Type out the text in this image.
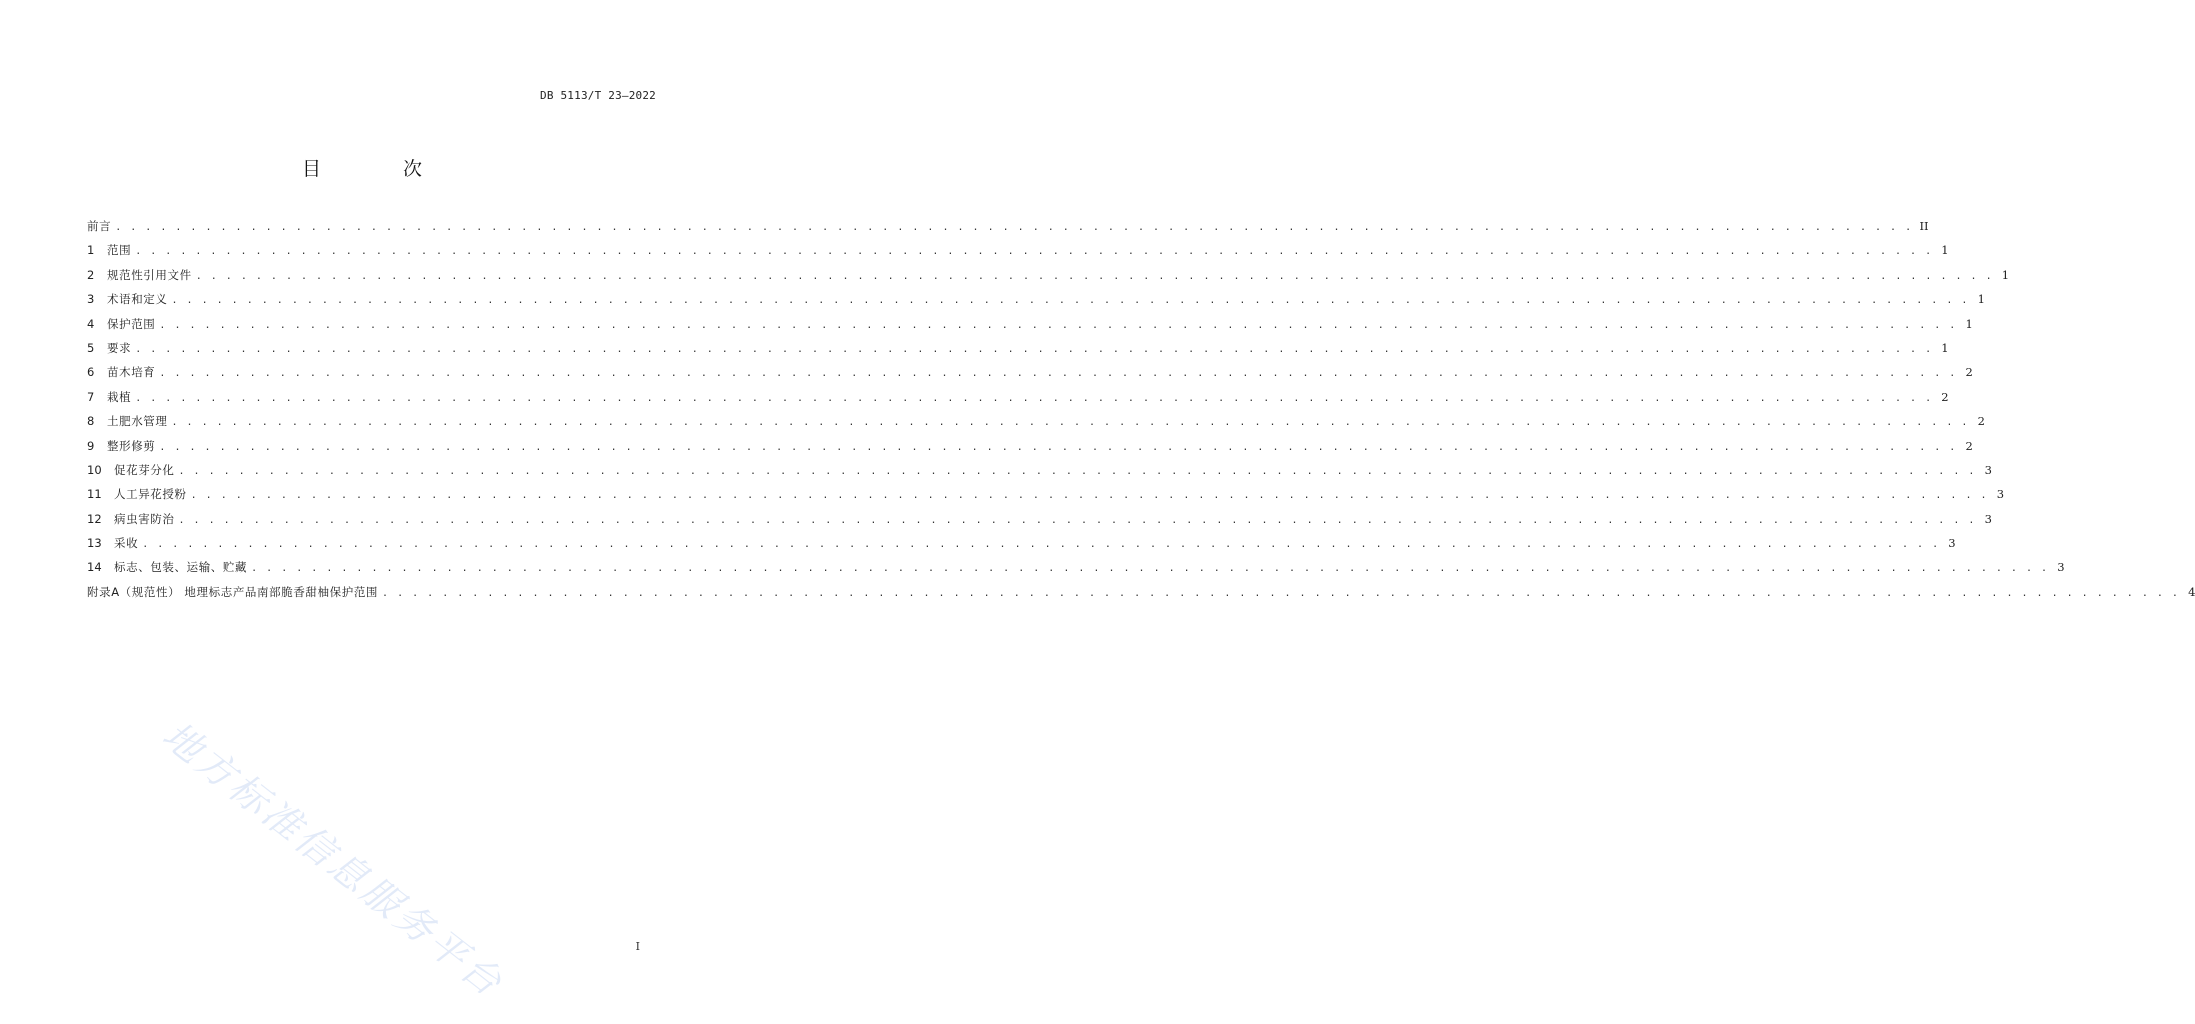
DB 5113/T 23—2022
目 次
前言 . . . . . . . . . . . . . . . . . . . . . . . . . . . . . . . . . . . . . . . . . . . . . . . . . . . . . . . . . . . . . . . . . . . . . . . . . . . . . . . . . . . . . . . . . . . . . . . . . . . . . . . . . . . . . . . . . . . . . . . . II
1	范围 . . . . . . . . . . . . . . . . . . . . . . . . . . . . . . . . . . . . . . . . . . . . . . . . . . . . . . . . . . . . . . . . . . . . . . . . . . . . . . . . . . . . . . . . . . . . . . . . . . . . . . . . . . . . . . . . . . . . . . . . 1
2	规范性引用文件 . . . . . . . . . . . . . . . . . . . . . . . . . . . . . . . . . . . . . . . . . . . . . . . . . . . . . . . . . . . . . . . . . . . . . . . . . . . . . . . . . . . . . . . . . . . . . . . . . . . . . . . . . . . . . . . . . . . . . . . . 1
3	术语和定义 . . . . . . . . . . . . . . . . . . . . . . . . . . . . . . . . . . . . . . . . . . . . . . . . . . . . . . . . . . . . . . . . . . . . . . . . . . . . . . . . . . . . . . . . . . . . . . . . . . . . . . . . . . . . . . . . . . . . . . . . 1
4	保护范围 . . . . . . . . . . . . . . . . . . . . . . . . . . . . . . . . . . . . . . . . . . . . . . . . . . . . . . . . . . . . . . . . . . . . . . . . . . . . . . . . . . . . . . . . . . . . . . . . . . . . . . . . . . . . . . . . . . . . . . . . 1
5	要求 . . . . . . . . . . . . . . . . . . . . . . . . . . . . . . . . . . . . . . . . . . . . . . . . . . . . . . . . . . . . . . . . . . . . . . . . . . . . . . . . . . . . . . . . . . . . . . . . . . . . . . . . . . . . . . . . . . . . . . . . 1
6	苗木培育 . . . . . . . . . . . . . . . . . . . . . . . . . . . . . . . . . . . . . . . . . . . . . . . . . . . . . . . . . . . . . . . . . . . . . . . . . . . . . . . . . . . . . . . . . . . . . . . . . . . . . . . . . . . . . . . . . . . . . . . . 2
7	栽植 . . . . . . . . . . . . . . . . . . . . . . . . . . . . . . . . . . . . . . . . . . . . . . . . . . . . . . . . . . . . . . . . . . . . . . . . . . . . . . . . . . . . . . . . . . . . . . . . . . . . . . . . . . . . . . . . . . . . . . . . 2
8	土肥水管理 . . . . . . . . . . . . . . . . . . . . . . . . . . . . . . . . . . . . . . . . . . . . . . . . . . . . . . . . . . . . . . . . . . . . . . . . . . . . . . . . . . . . . . . . . . . . . . . . . . . . . . . . . . . . . . . . . . . . . . . . 2
9	整形修剪 . . . . . . . . . . . . . . . . . . . . . . . . . . . . . . . . . . . . . . . . . . . . . . . . . . . . . . . . . . . . . . . . . . . . . . . . . . . . . . . . . . . . . . . . . . . . . . . . . . . . . . . . . . . . . . . . . . . . . . . . 2
10	促花芽分化 . . . . . . . . . . . . . . . . . . . . . . . . . . . . . . . . . . . . . . . . . . . . . . . . . . . . . . . . . . . . . . . . . . . . . . . . . . . . . . . . . . . . . . . . . . . . . . . . . . . . . . . . . . . . . . . . . . . . . . . . 3
11	人工异花授粉 . . . . . . . . . . . . . . . . . . . . . . . . . . . . . . . . . . . . . . . . . . . . . . . . . . . . . . . . . . . . . . . . . . . . . . . . . . . . . . . . . . . . . . . . . . . . . . . . . . . . . . . . . . . . . . . . . . . . . . . . 3
12	病虫害防治 . . . . . . . . . . . . . . . . . . . . . . . . . . . . . . . . . . . . . . . . . . . . . . . . . . . . . . . . . . . . . . . . . . . . . . . . . . . . . . . . . . . . . . . . . . . . . . . . . . . . . . . . . . . . . . . . . . . . . . . . 3
13	采收 . . . . . . . . . . . . . . . . . . . . . . . . . . . . . . . . . . . . . . . . . . . . . . . . . . . . . . . . . . . . . . . . . . . . . . . . . . . . . . . . . . . . . . . . . . . . . . . . . . . . . . . . . . . . . . . . . . . . . . . . 3
14	标志、包装、运输、贮藏 . . . . . . . . . . . . . . . . . . . . . . . . . . . . . . . . . . . . . . . . . . . . . . . . . . . . . . . . . . . . . . . . . . . . . . . . . . . . . . . . . . . . . . . . . . . . . . . . . . . . . . . . . . . . . . . . . . . . . . . . 3
附录A（规范性） 地理标志产品南部脆香甜柚保护范围 . . . . . . . . . . . . . . . . . . . . . . . . . . . . . . . . . . . . . . . . . . . . . . . . . . . . . . . . . . . . . . . . . . . . . . . . . . . . . . . . . . . . . . . . . . . . . . . . . . . . . . . . . . . . . . . . . . . . . . . . 4
地方标准信息服务平台	I
